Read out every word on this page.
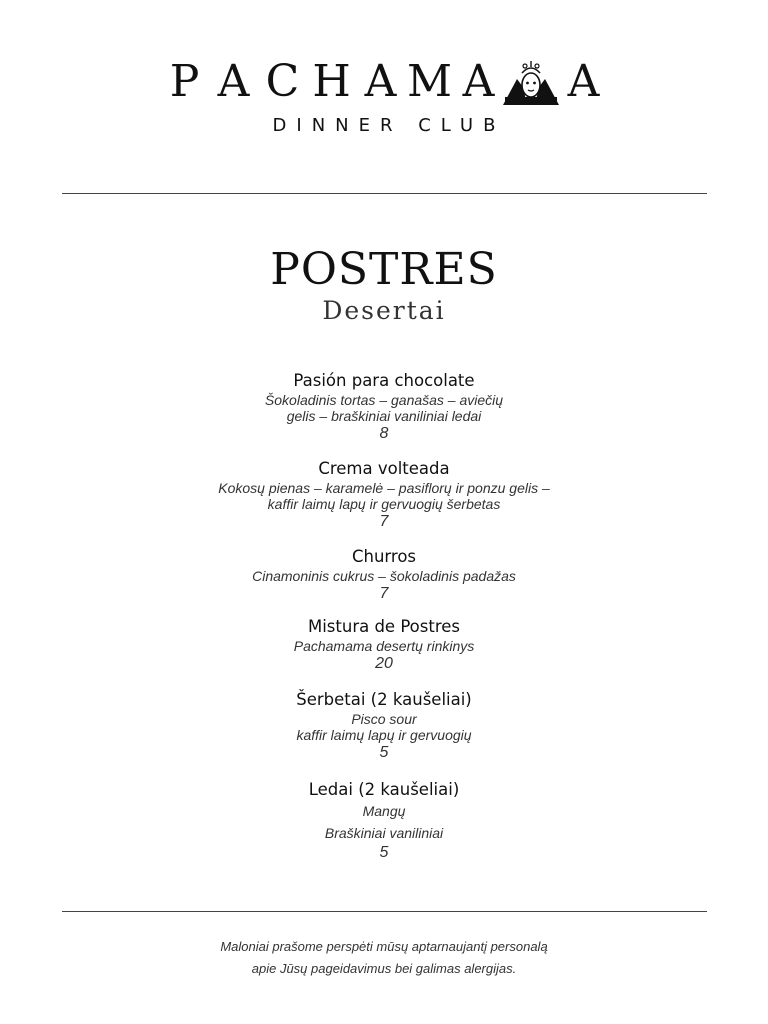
P A C H A M A A
DINNER CLUB
POSTRES
Desertai
Pasión para chocolate
Šokoladinis tortas – ganašas – aviečių
gelis – braškiniai vaniliniai ledai
8
Crema volteada
Kokosų pienas – karamelė – pasiflorų ir ponzu gelis –
kaffir laimų lapų ir gervuogių šerbetas
7
Churros
Cinamoninis cukrus – šokoladinis padažas
7
Mistura de Postres
Pachamama desertų rinkinys
20
Šerbetai (2 kaušeliai)
Pisco sour
kaffir laimų lapų ir gervuogių
5
Ledai (2 kaušeliai)
Mangų
Braškiniai vaniliniai
5
Maloniai prašome perspėti mūsų aptarnaujantį personalą
apie Jūsų pageidavimus bei galimas alergijas.
